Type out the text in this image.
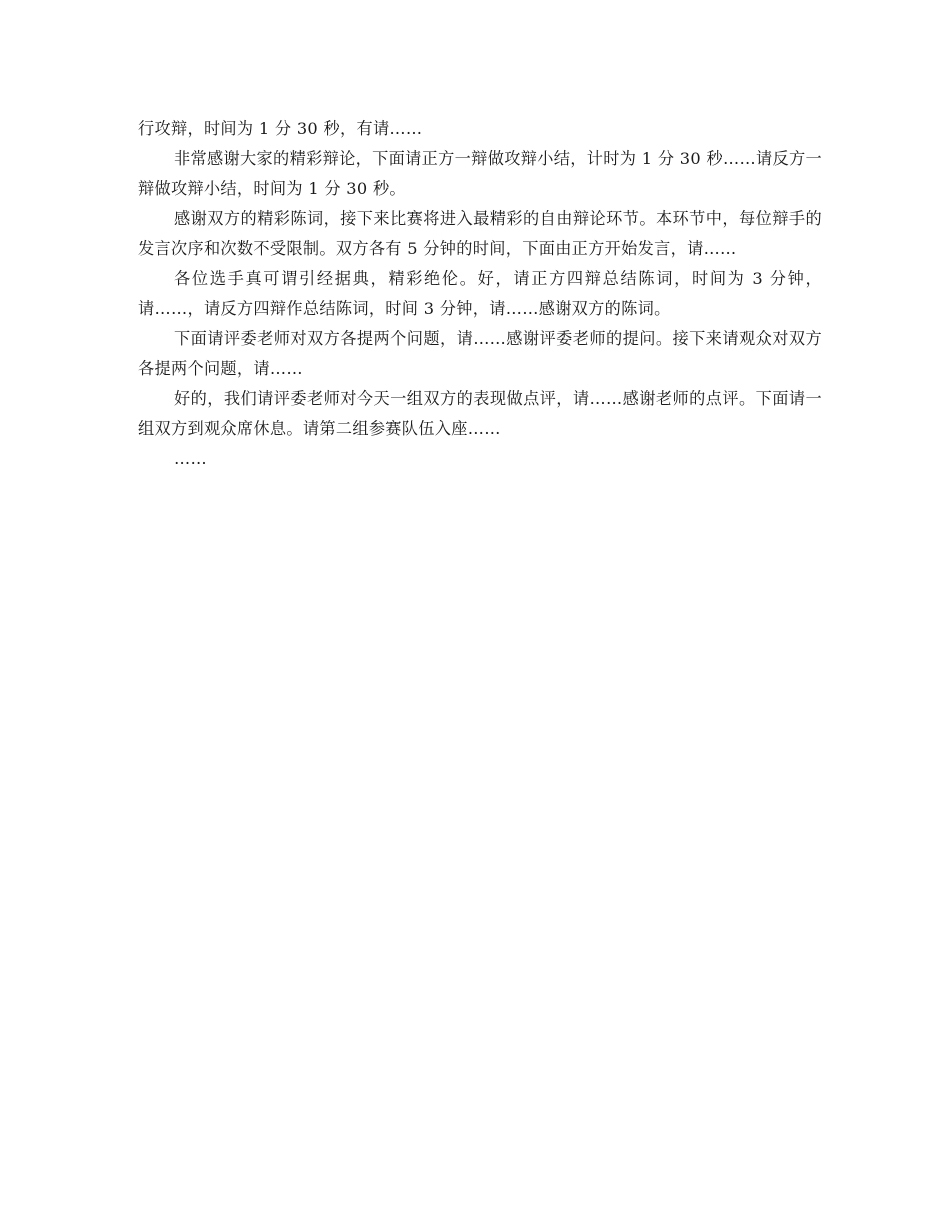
行攻辩，时间为 1 分 30 秒，有请……

非常感谢大家的精彩辩论，下面请正方一辩做攻辩小结，计时为 1 分 30 秒……请反方一辩做攻辩小结，时间为 1 分 30 秒。

感谢双方的精彩陈词，接下来比赛将进入最精彩的自由辩论环节。本环节中，每位辩手的发言次序和次数不受限制。双方各有 5 分钟的时间，下面由正方开始发言，请……

各位选手真可谓引经据典，精彩绝伦。好，请正方四辩总结陈词，时间为 3 分钟，请……，请反方四辩作总结陈词，时间 3 分钟，请……感谢双方的陈词。

下面请评委老师对双方各提两个问题，请……感谢评委老师的提问。接下来请观众对双方各提两个问题，请……

好的，我们请评委老师对今天一组双方的表现做点评，请……感谢老师的点评。下面请一组双方到观众席休息。请第二组参赛队伍入座……

……
